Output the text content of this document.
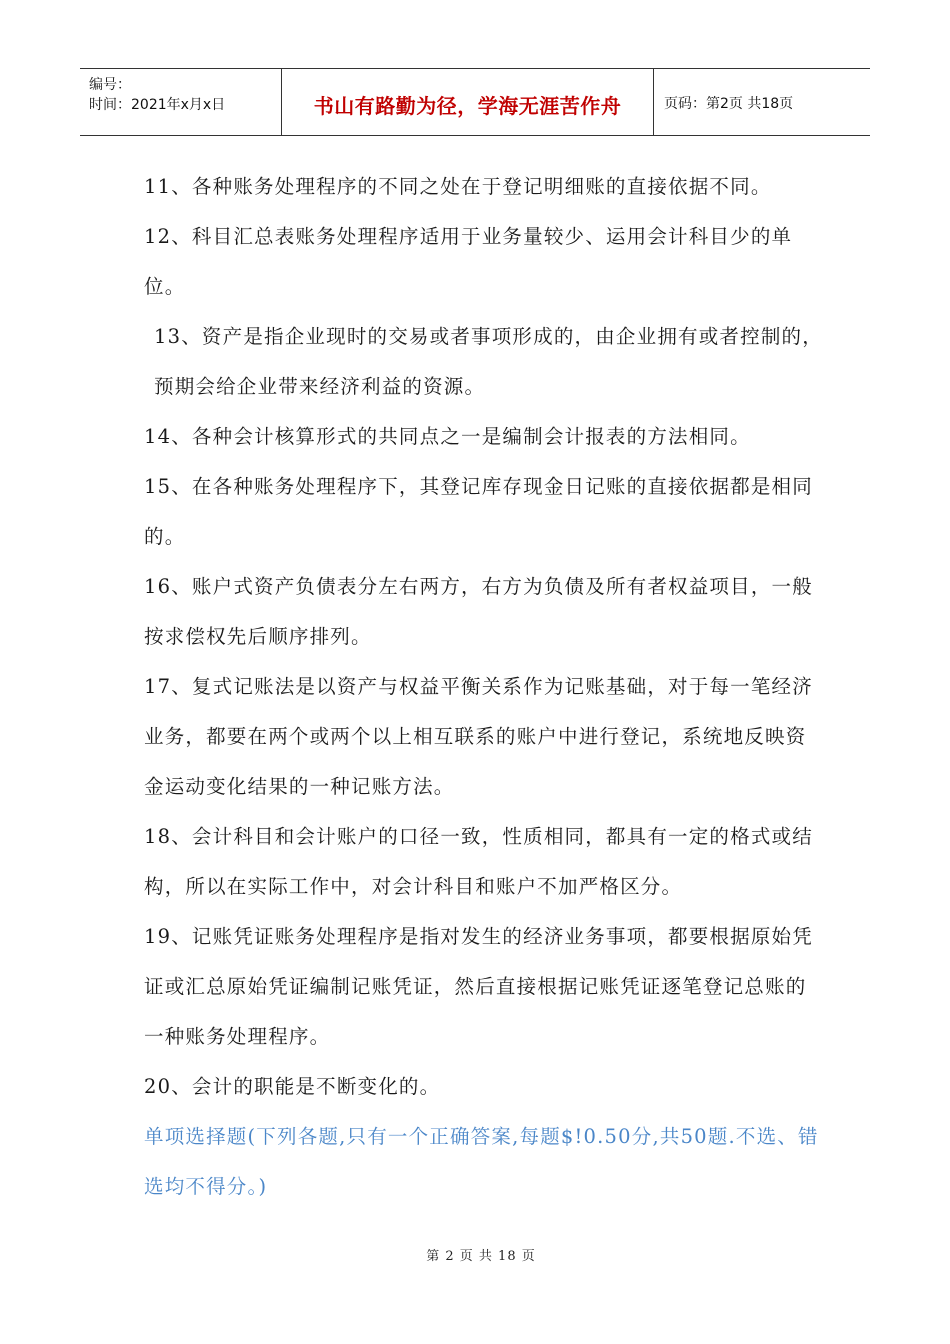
编号：
时间：2021年x月x日	书山有路勤为径，学海无涯苦作舟	页码：第2页 共18页

11、各种账务处理程序的不同之处在于登记明细账的直接依据不同。

12、科目汇总表账务处理程序适用于业务量较少、运用会计科目少的单位。

13、资产是指企业现时的交易或者事项形成的，由企业拥有或者控制的，预期会给企业带来经济利益的资源。

14、各种会计核算形式的共同点之一是编制会计报表的方法相同。

15、在各种账务处理程序下，其登记库存现金日记账的直接依据都是相同的。

16、账户式资产负债表分左右两方，右方为负债及所有者权益项目，一般按求偿权先后顺序排列。

17、复式记账法是以资产与权益平衡关系作为记账基础，对于每一笔经济业务，都要在两个或两个以上相互联系的账户中进行登记，系统地反映资金运动变化结果的一种记账方法。

18、会计科目和会计账户的口径一致，性质相同，都具有一定的格式或结构，所以在实际工作中，对会计科目和账户不加严格区分。

19、记账凭证账务处理程序是指对发生的经济业务事项，都要根据原始凭证或汇总原始凭证编制记账凭证，然后直接根据记账凭证逐笔登记总账的一种账务处理程序。

20、会计的职能是不断变化的。

单项选择题(下列各题,只有一个正确答案,每题$!0.50分,共50题.不选、错选均不得分。)

第 2 页 共 18 页
